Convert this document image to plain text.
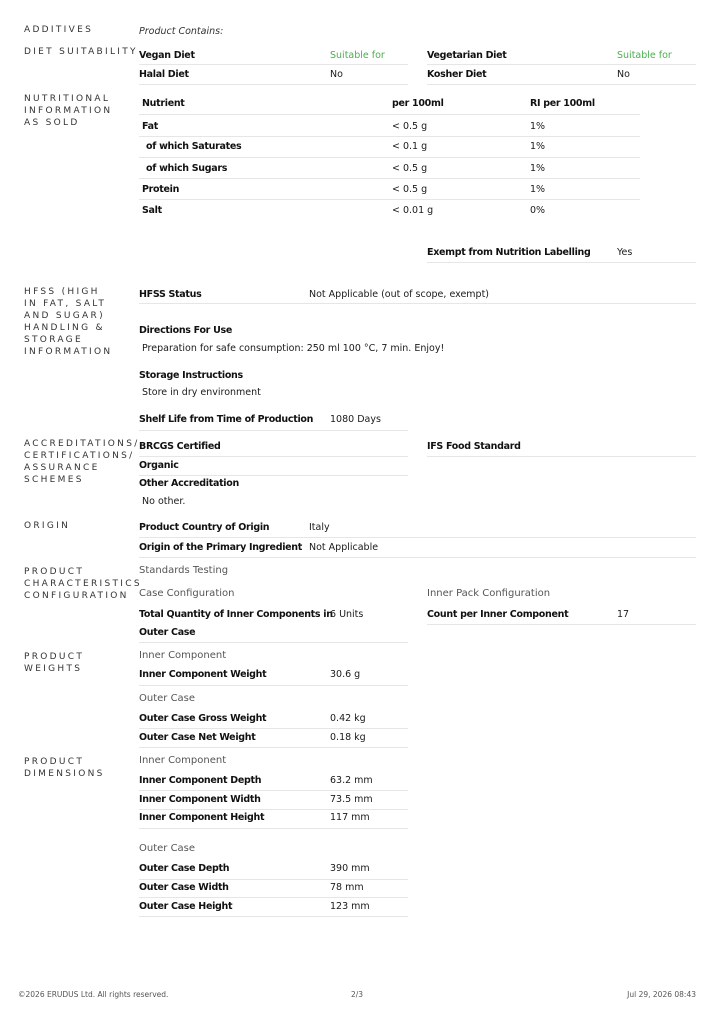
ADDITIVES
DIET SUITABILITY
NUTRITIONAL INFORMATION AS SOLD
HFSS (HIGH IN FAT, SALT AND SUGAR) HANDLING & STORAGE INFORMATION
ACCREDITATIONS/ CERTIFICATIONS/ ASSURANCE SCHEMES
ORIGIN
PRODUCT CHARACTERISTICS CONFIGURATION
PRODUCT WEIGHTS
PRODUCT DIMENSIONS
Product Contains:
Vegan Diet	Suitable for	Vegetarian Diet	Suitable for
Halal Diet	No	Kosher Diet	No
Nutrient	per 100ml	RI per 100ml
Fat	< 0.5 g	1%
of which Saturates	< 0.1 g	1%
of which Sugars	< 0.5 g	1%
Protein	< 0.5 g	1%
Salt	< 0.01 g	0%
Exempt from Nutrition Labelling	Yes
HFSS Status	Not Applicable (out of scope, exempt)
Directions For Use
Preparation for safe consumption: 250 ml 100 °C, 7 min. Enjoy!
Storage Instructions
Store in dry environment
Shelf Life from Time of Production 1080 Days
BRCGS Certified	IFS Food Standard
Organic
Other Accreditation
No other.
Product Country of Origin	Italy
Origin of the Primary Ingredient Not Applicable
Standards Testing
Case Configuration	Inner Pack Configuration
Total Quantity of Inner Components in
Outer Case
6 Units	Count per Inner Component	17
Inner Component
Inner Component Weight	30.6 g
Outer Case
Outer Case Gross Weight	0.42 kg
Outer Case Net Weight	0.18 kg
Inner Component
Inner Component Depth	63.2 mm
Inner Component Width	73.5 mm
Inner Component Height	117 mm
Outer Case
Outer Case Depth	390 mm
Outer Case Width	78 mm
Outer Case Height	123 mm
©2026 ERUDUS Ltd. All rights reserved.	2/3	Jul 29, 2026 08:43
